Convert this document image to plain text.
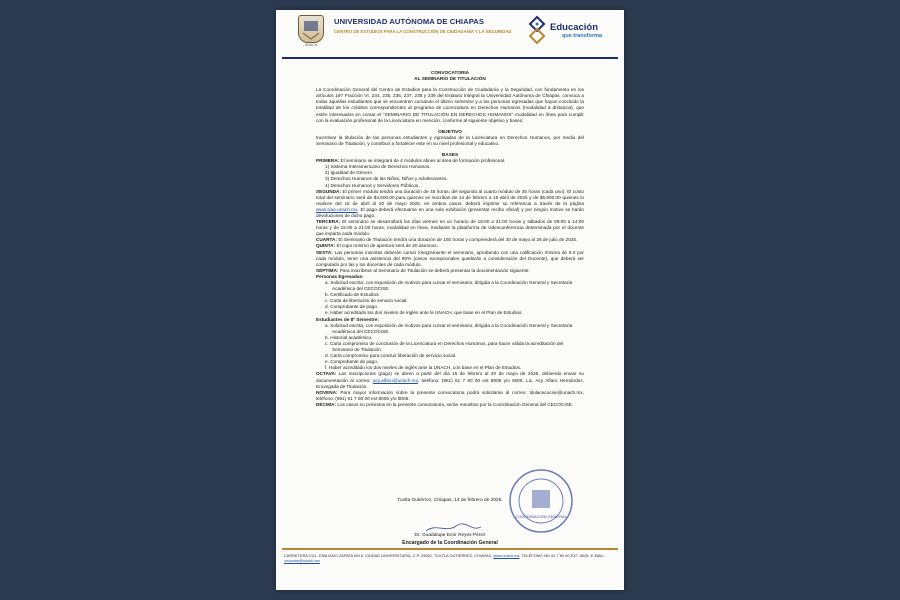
UNACH
UNIVERSIDAD AUTÓNOMA DE CHIAPAS
CENTRO DE ESTUDIOS PARA LA CONSTRUCCIÓN DE CIUDADANÍA Y LA SEGURIDAD	Educación
que transforma
CONVOCATORIA
AL SEMINARIO DE TITULACIÓN

La Coordinación General del Centro de Estudios para la Construcción de Ciudadanía y la Seguridad, con fundamento en los artículos 197 Fracción VI, 234, 235, 236, 237, 238 y 239 del Estatuto Integral la Universidad Autónoma de Chiapas, convoca a todas aquellas estudiantes que se encuentren cursando el último semestre y a las personas egresadas que hayan concluido la totalidad de los créditos correspondientes al programa de Licenciatura en Derechos Humanos (modalidad a distancia), que estén interesados en cursar el "SEMINARIO DE TITULACIÓN EN DERECHOS HUMANOS" modalidad en línea para cumplir con la evaluación profesional de la Licenciatura en mención, conforme al siguiente objetivo y bases:

OBJETIVO

Incentivar la titulación de las personas estudiantes y egresadas de la Licenciatura en Derechos Humanos, por medio del Seminario de Titulación, y contribuir a fortalecer este en su nivel profesional y educativo.

BASES

PRIMERA: El seminario se integrará de 4 módulos afines al área de formación profesional.

1) Sistema Interamericano de Derechos Humanos.

2) Igualdad de Género.

3) Derechos Humanos de las Niñas, Niños y Adolescentes.

4) Derechos Humanos y Servidores Públicos.

SEGUNDA: El primer módulo tendrá una duración de 45 horas, del segundo al cuarto módulo de 35 horas (cada uno). El costo total del seminario será de $4,500.00 para quienes se inscriban de 14 de febrero a 15 abril de 2025 y de $5,500.00 quienes lo realicen del 16 de abril al 20 de mayo 2025, en ambos casos, deberá imprimir su referencia a través de la página www.siae.unach.mx. El pago deberá efectuarse en una sola exhibición (presentar recibo oficial) y por ningún motivo se harán devoluciones de dicho pago.

TERCERA: El seminario se desarrollará los días viernes en un horario de 16:00 a 21:00 horas y sábados de 09:00 a 14:00 horas y de 15:00 a 21:00 horas, modalidad en línea, mediante la plataforma de videoconferencia determinada por el docente que imparta cada módulo.

CUARTA: El Seminario de Titulación tendrá una duración de 150 horas y comprenderá del 30 de mayo al 28 de julio de 2025.

QUINTA: El cupo mínimo de apertura será de 20 alumnos.

SEXTA: Las personas inscritas deberán cursar íntegramente el seminario, aprobando con una calificación mínima de 8.0 por cada módulo, tener una asistencia del 90% (casos excepcionales quedarán a consideración del Docente), que deberá ser computado por las y los docentes de cada módulo.

SÉPTIMA: Para inscribirse al Seminario de Titulación se deberá presentar la documentación siguiente:

Personas Egresadas:

a. Solicitud escrita, con exposición de motivos para cursar el seminario, dirigida a la Coordinación General y Secretaría Académica del CECOCISE.

b. Certificado de Estudios.

c. Carta de liberación de servicio social.

d. Comprobante de pago.

e. Haber acreditado los dos niveles de inglés ante la UNACH, que base en el Plan de Estudios.

Estudiantes de 8º Semestre:

a. Solicitud escrita, con exposición de motivos para cursar el seminario, dirigida a la Coordinación General y Secretaría Académica del CECOCISE.

b. Historial académico.

c. Carta compromiso de conclusión de la Licenciatura en Derechos Humanos, para hacer válida la acreditación del Seminario de Titulación.

d. Carta compromiso para concluir liberación de servicio social.

e. Comprobante de pago.

f. Haber acreditado los dos niveles de inglés ante la UNACH, con base en el Plan de Estudios.

OCTAVA: Las inscripciones (pago) se abren a partir del día 15 de febrero al 20 de mayo de 2025, debiendo enviar su documentación al correo: acy.alfaro@unach.mx, teléfono: (961) 61 7 80 00 ext 8005 y/o 8006, Lic. Acy Alfaro Hernández, Encargada de Titulación.

NOVENA: Para mayor información sobre la presente convocatoria podrá solicitarse al correo: titulacecocise@unach.mx, teléfono: (961) 61 7 80 00 ext 8005 y/o 8006.

DÉCIMA: Los casos no previstos en la presente convocatoria, serán resueltos por la Coordinación General del CECOCISE.

COORDINACIÓN GENERAL
Tuxtla Gutiérrez, Chiapas, 14 de febrero de 2025.
Dr. Guadalupe Emir Reyes Pérez
Encargado de la Coordinación General
CARRETERA COL. EMILIANO ZAPATA KM 8, CIUDAD UNIVERSITARIA, C.P. 29050, TUXTLA GUTIÉRREZ, CHIAPAS. www.unach.mx. TELÉFONO 961 61 7 80 00 EXT. 8005, E-MAIL: cecocise@unach.mx
